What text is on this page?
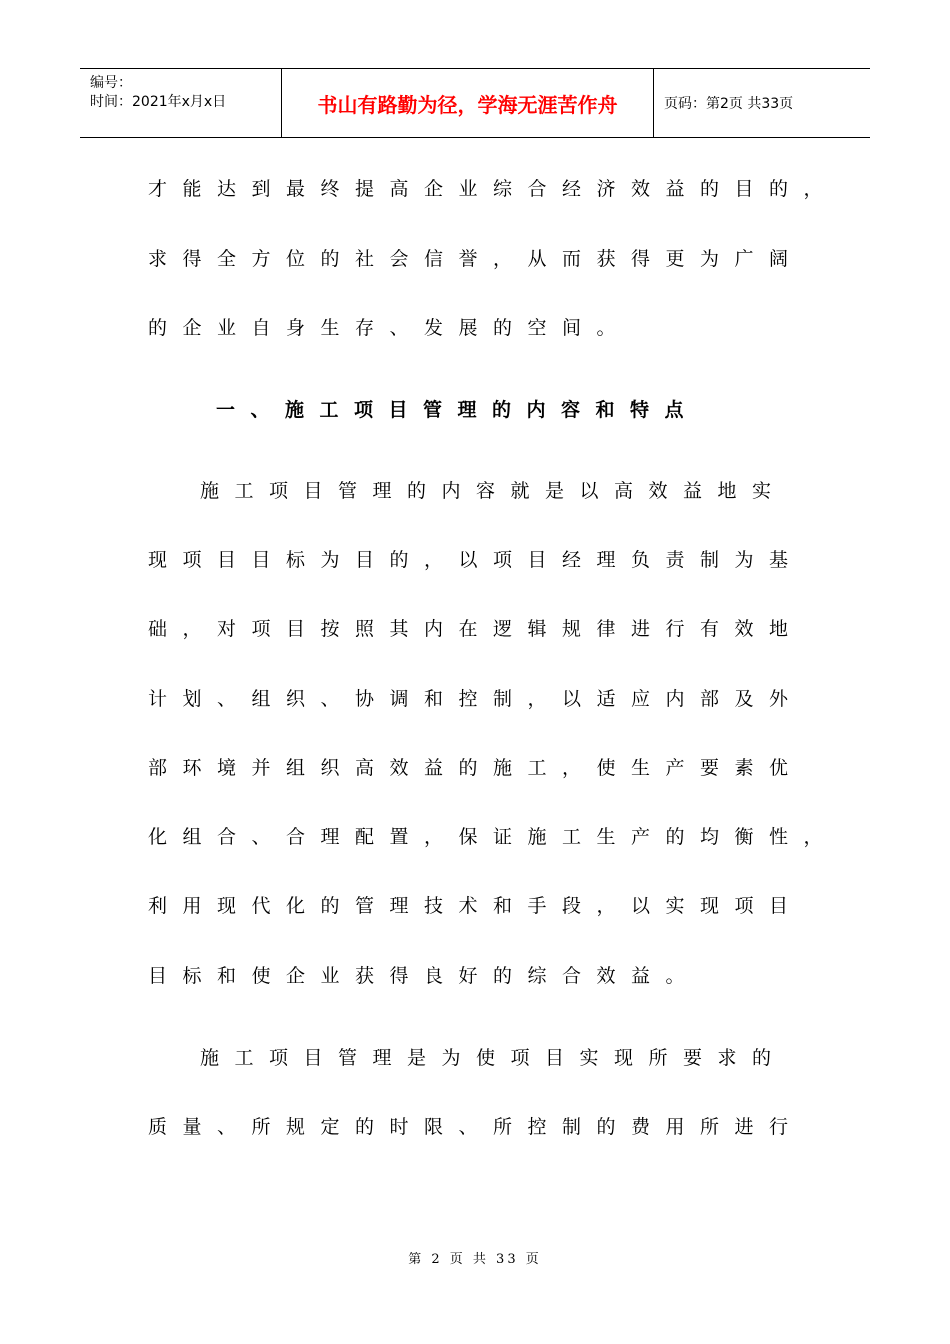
编号：
时间：2021年x月x日	书山有路勤为径，学海无涯苦作舟	页码：第2页 共33页
才能达到最终提高企业综合经济效益的目的，
求得全方位的社会信誉，从而获得更为广阔
的企业自身生存、发展的空间。
一、施工项目管理的内容和特点
施工项目管理的内容就是以高效益地实
现项目目标为目的，以项目经理负责制为基
础，对项目按照其内在逻辑规律进行有效地
计划、组织、协调和控制，以适应内部及外
部环境并组织高效益的施工，使生产要素优
化组合、合理配置，保证施工生产的均衡性，
利用现代化的管理技术和手段，以实现项目
目标和使企业获得良好的综合效益。
施工项目管理是为使项目实现所要求的
质量、所规定的时限、所控制的费用所进行
第 2 页 共 33 页
